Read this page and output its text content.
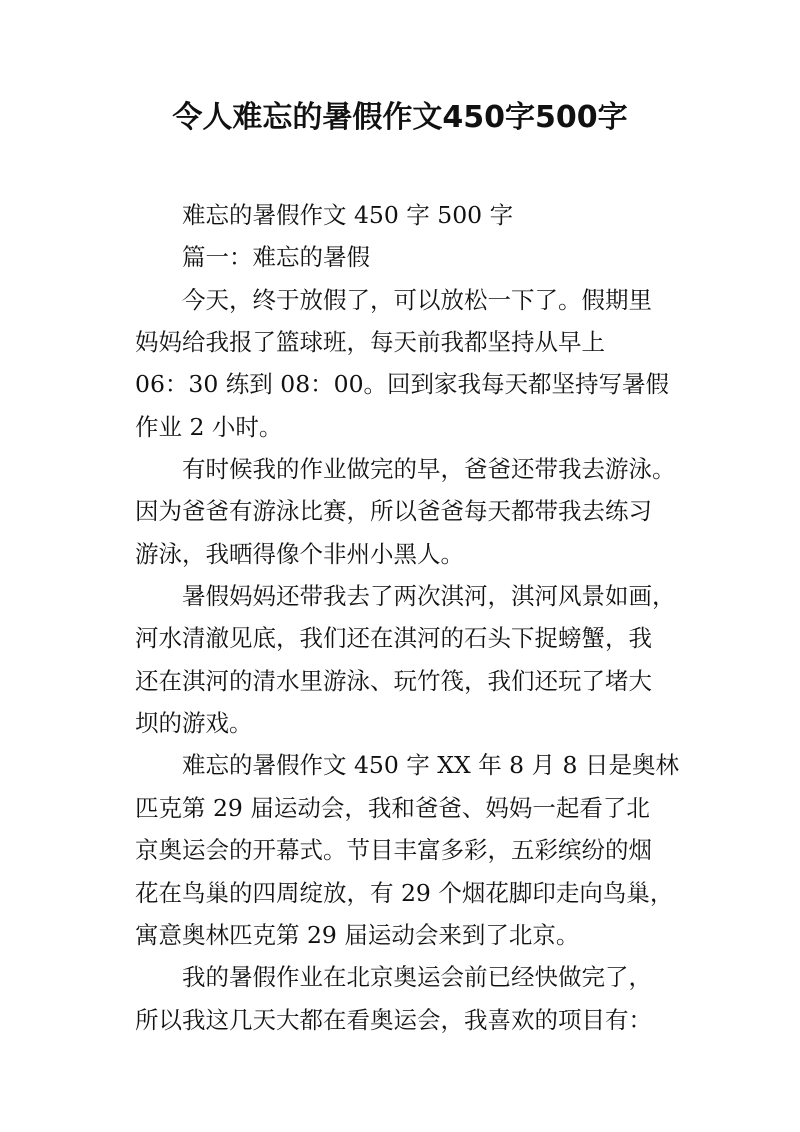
令人难忘的暑假作文450字500字
难忘的暑假作文 450 字 500 字
篇一：难忘的暑假
今天，终于放假了，可以放松一下了。假期里
妈妈给我报了篮球班，每天前我都坚持从早上
06：30 练到 08：00。回到家我每天都坚持写暑假
作业 2 小时。
有时候我的作业做完的早，爸爸还带我去游泳。
因为爸爸有游泳比赛，所以爸爸每天都带我去练习
游泳，我晒得像个非州小黑人。
暑假妈妈还带我去了两次淇河，淇河风景如画，
河水清澈见底，我们还在淇河的石头下捉螃蟹，我
还在淇河的清水里游泳、玩竹筏，我们还玩了堵大
坝的游戏。
难忘的暑假作文 450 字 XX 年 8 月 8 日是奥林
匹克第 29 届运动会，我和爸爸、妈妈一起看了北
京奥运会的开幕式。节目丰富多彩，五彩缤纷的烟
花在鸟巢的四周绽放，有 29 个烟花脚印走向鸟巢，
寓意奥林匹克第 29 届运动会来到了北京。
我的暑假作业在北京奥运会前已经快做完了，
所以我这几天大都在看奥运会，我喜欢的项目有：
